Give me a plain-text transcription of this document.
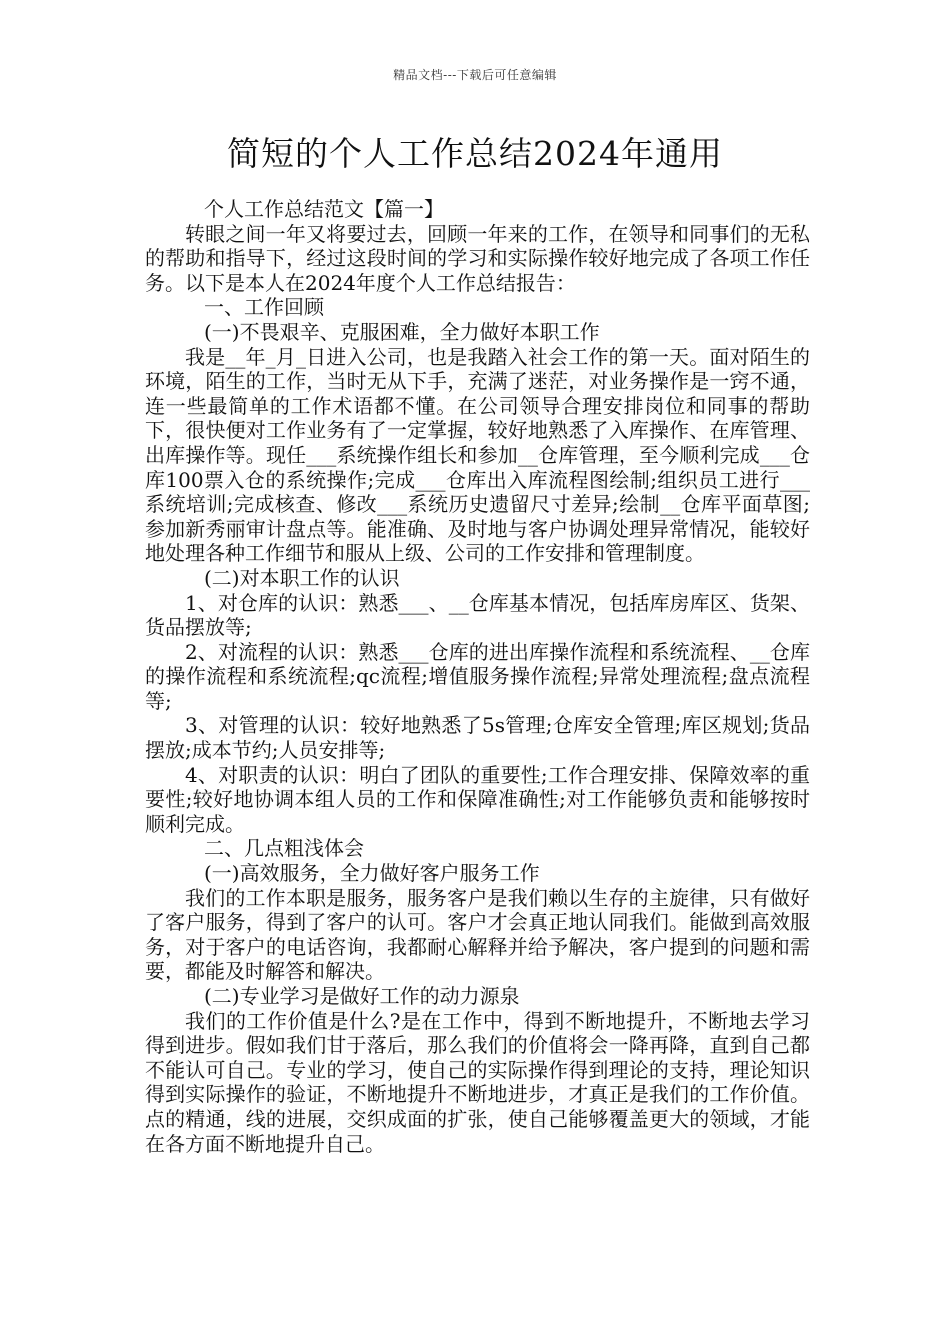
精品文档---下载后可任意编辑
简短的个人工作总结2024年通用

个人工作总结范文【篇一】

转眼之间一年又将要过去，回顾一年来的工作，在领导和同事们的无私的帮助和指导下，经过这段时间的学习和实际操作较好地完成了各项工作任务。以下是本人在2024年度个人工作总结报告：

一、工作回顾

(一)不畏艰辛、克服困难，全力做好本职工作

我是__年_月_日进入公司，也是我踏入社会工作的第一天。面对陌生的环境，陌生的工作，当时无从下手，充满了迷茫，对业务操作是一窍不通，连一些最简单的工作术语都不懂。在公司领导合理安排岗位和同事的帮助下，很快便对工作业务有了一定掌握，较好地熟悉了入库操作、在库管理、出库操作等。现任___系统操作组长和参加__仓库管理，至今顺利完成___仓库100票入仓的系统操作;完成___仓库出入库流程图绘制;组织员工进行___系统培训;完成核查、修改___系统历史遗留尺寸差异;绘制__仓库平面草图;参加新秀丽审计盘点等。能准确、及时地与客户协调处理异常情况，能较好地处理各种工作细节和服从上级、公司的工作安排和管理制度。

(二)对本职工作的认识

1、对仓库的认识：熟悉___、__仓库基本情况，包括库房库区、货架、货品摆放等;

2、对流程的认识：熟悉___仓库的进出库操作流程和系统流程、__仓库的操作流程和系统流程;qc流程;增值服务操作流程;异常处理流程;盘点流程等;

3、对管理的认识：较好地熟悉了5s管理;仓库安全管理;库区规划;货品摆放;成本节约;人员安排等;

4、对职责的认识：明白了团队的重要性;工作合理安排、保障效率的重要性;较好地协调本组人员的工作和保障准确性;对工作能够负责和能够按时顺利完成。

二、几点粗浅体会

(一)高效服务，全力做好客户服务工作

我们的工作本职是服务，服务客户是我们赖以生存的主旋律，只有做好了客户服务，得到了客户的认可。客户才会真正地认同我们。能做到高效服务，对于客户的电话咨询，我都耐心解释并给予解决，客户提到的问题和需要，都能及时解答和解决。

(二)专业学习是做好工作的动力源泉

我们的工作价值是什么?是在工作中，得到不断地提升，不断地去学习得到进步。假如我们甘于落后，那么我们的价值将会一降再降，直到自己都不能认可自己。专业的学习，使自己的实际操作得到理论的支持，理论知识得到实际操作的验证，不断地提升不断地进步，才真正是我们的工作价值。点的精通，线的进展，交织成面的扩张，使自己能够覆盖更大的领域，才能在各方面不断地提升自己。
